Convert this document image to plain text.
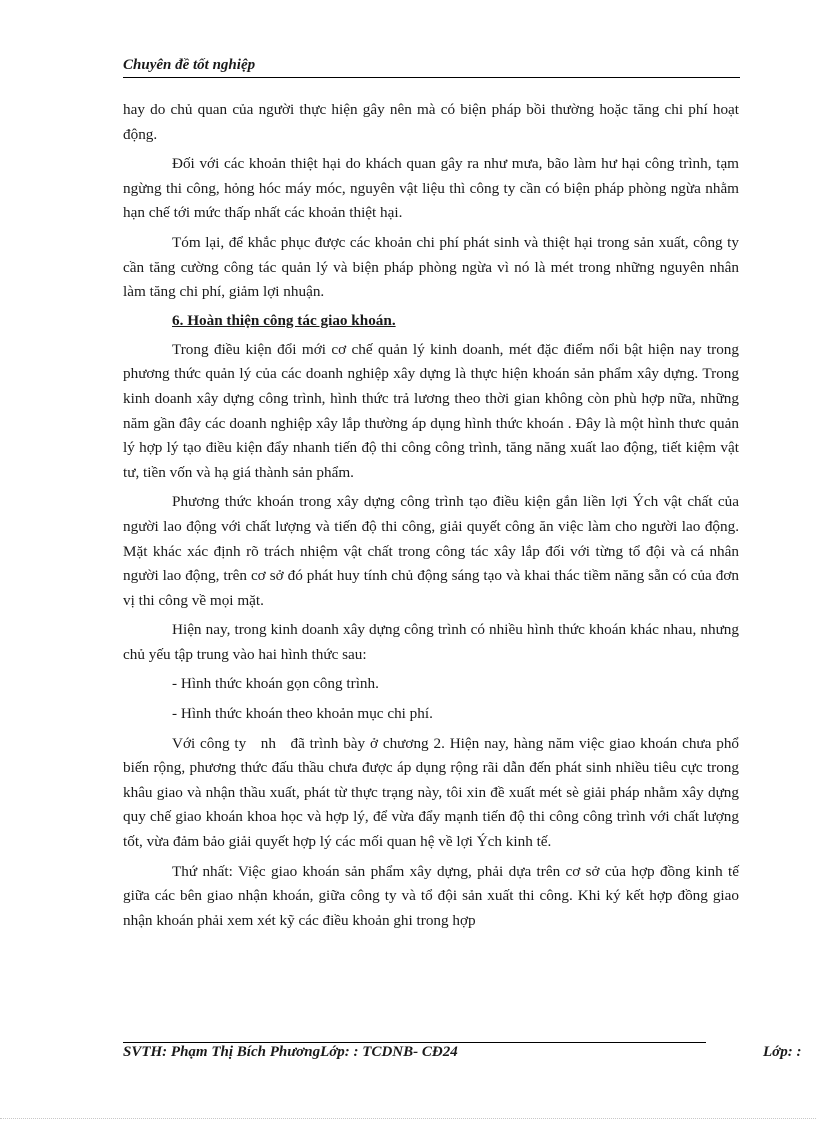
Chuyên đề tốt nghiệp

hay do chủ quan của người thực hiện gây nên mà có biện pháp bồi thường hoặc tăng chi phí hoạt động.

Đối với các khoản thiệt hại do khách quan gây ra như mưa, bão làm hư hại công trình, tạm ngừng thi công, hỏng hóc máy móc, nguyên vật liệu thì công ty cần có biện pháp phòng ngừa nhằm hạn chế tới mức thấp nhất các khoản thiệt hại.

Tóm lại, để khắc phục được các khoản chi phí phát sinh và thiệt hại trong sản xuất, công ty cần tăng cường công tác quản lý và biện pháp phòng ngừa vì nó là mét trong những nguyên nhân làm tăng chi phí, giảm lợi nhuận.

6. Hoàn thiện công tác giao khoán.

Trong điều kiện đổi mới cơ chế quản lý kinh doanh, mét đặc điểm nổi bật hiện nay trong phương thức quản lý của các doanh nghiệp xây dựng là thực hiện khoán sản phẩm xây dựng. Trong kinh doanh xây dựng công trình, hình thức trả lương theo thời gian không còn phù hợp nữa, những năm gần đây các doanh nghiệp xây lắp thường áp dụng hình thức khoán . Đây là một hình thưc quản lý hợp lý tạo điều kiện đẩy nhanh tiến độ thi công công trình, tăng năng xuất lao động, tiết kiệm vật tư, tiền vốn và hạ giá thành sản phẩm.

Phương thức khoán trong xây dựng công trình tạo điều kiện gắn liền lợi Ých vật chất của người lao động với chất lượng và tiến độ thi công, giải quyết công ăn việc làm cho người lao động. Mặt khác xác định rõ trách nhiệm vật chất trong công tác xây lắp đối với từng tổ đội và cá nhân người lao động, trên cơ sở đó phát huy tính chủ động sáng tạo và khai thác tiềm năng sẵn có của đơn vị thi công về mọi mặt.

Hiện nay, trong kinh doanh xây dựng công trình có nhiều hình thức khoán khác nhau, nhưng chủ yếu tập trung vào hai hình thức sau:

- Hình thức khoán gọn công trình.

- Hình thức khoán theo khoản mục chi phí.

Với công ty nh đã trình bày ở chương 2. Hiện nay, hàng năm việc giao khoán chưa phổ biến rộng, phương thức đấu thầu chưa được áp dụng rộng rãi dẫn đến phát sinh nhiều tiêu cực trong khâu giao và nhận thầu xuất, phát từ thực trạng này, tôi xin đề xuất mét sè giải pháp nhằm xây dựng quy chế giao khoán khoa học và hợp lý, để vừa đẩy mạnh tiến độ thi công công trình với chất lượng tốt, vừa đảm bảo giải quyết hợp lý các mối quan hệ về lợi Ých kinh tế.

Thứ nhất: Việc giao khoán sản phẩm xây dựng, phải dựa trên cơ sở của hợp đồng kinh tế giữa các bên giao nhận khoán, giữa công ty và tổ đội sản xuất thi công. Khi ký kết hợp đồng giao nhận khoán phải xem xét kỹ các điều khoản ghi trong hợp

SVTH: Phạm Thị Bích PhươngLớp: : TCDNB- CĐ24	Lớp: :
